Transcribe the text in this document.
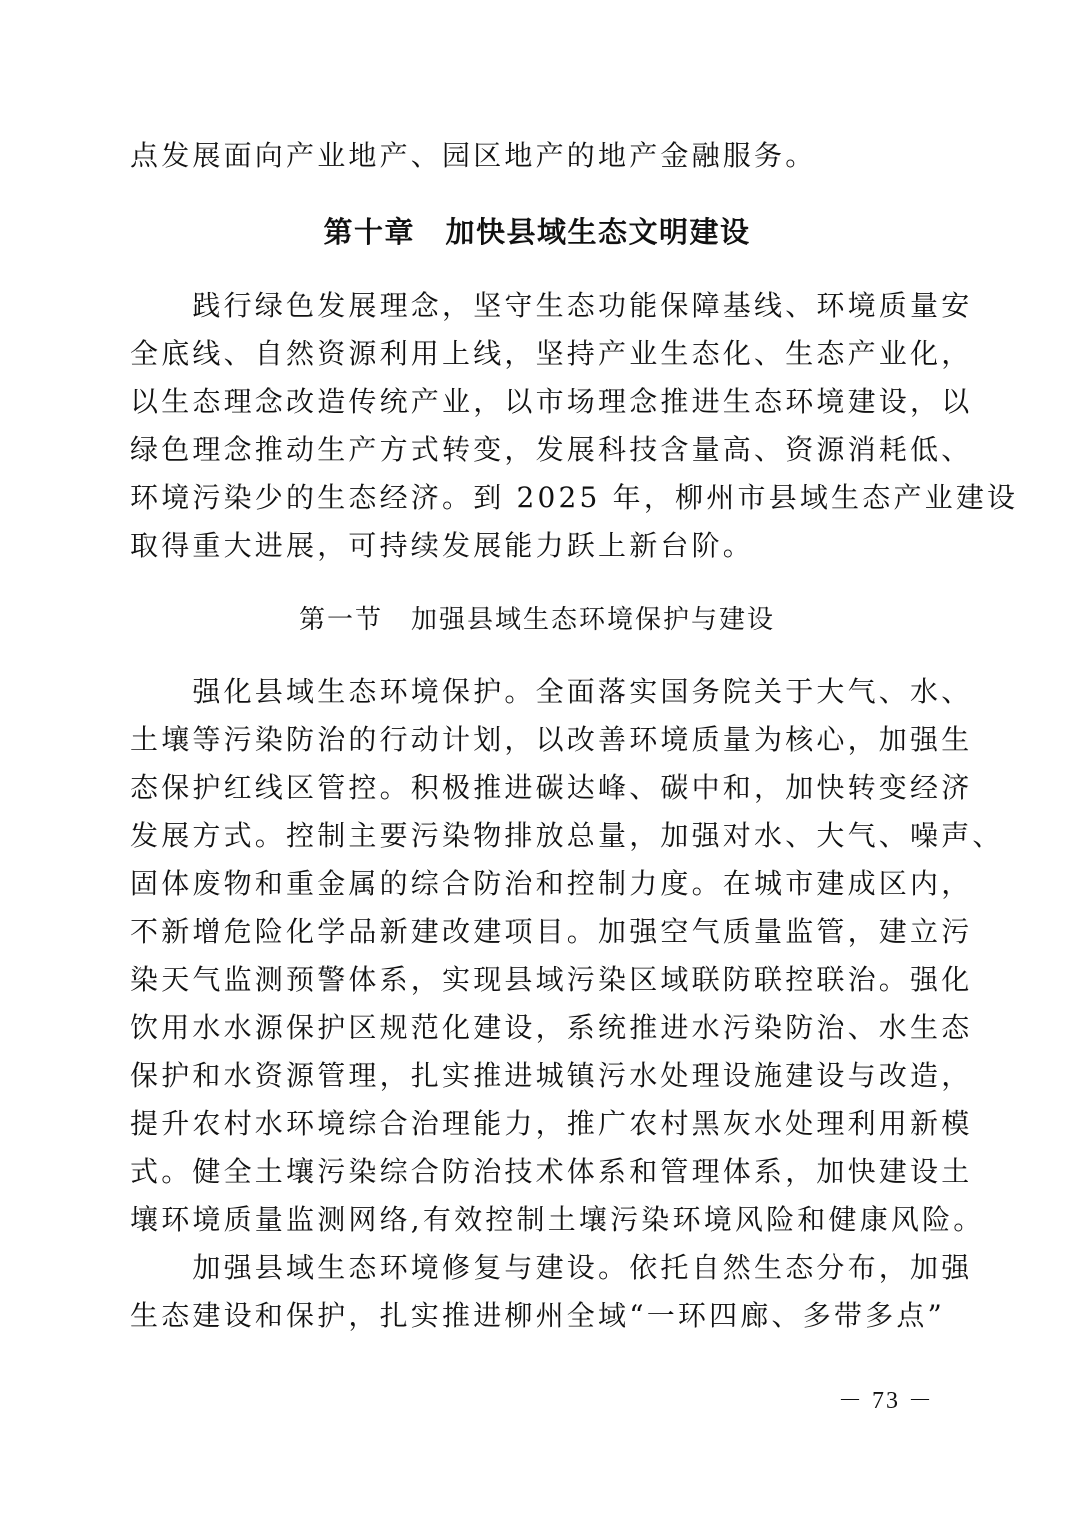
点发展面向产业地产、园区地产的地产金融服务。
第十章　加快县域生态文明建设
　　践行绿色发展理念，坚守生态功能保障基线、环境质量安
全底线、自然资源利用上线，坚持产业生态化、生态产业化，
以生态理念改造传统产业，以市场理念推进生态环境建设，以
绿色理念推动生产方式转变，发展科技含量高、资源消耗低、
环境污染少的生态经济。到 2025 年，柳州市县域生态产业建设
取得重大进展，可持续发展能力跃上新台阶。
第一节　加强县域生态环境保护与建设
　　强化县域生态环境保护。全面落实国务院关于大气、水、
土壤等污染防治的行动计划，以改善环境质量为核心，加强生
态保护红线区管控。积极推进碳达峰、碳中和，加快转变经济
发展方式。控制主要污染物排放总量，加强对水、大气、噪声、
固体废物和重金属的综合防治和控制力度。在城市建成区内，
不新增危险化学品新建改建项目。加强空气质量监管，建立污
染天气监测预警体系，实现县域污染区域联防联控联治。强化
饮用水水源保护区规范化建设，系统推进水污染防治、水生态
保护和水资源管理，扎实推进城镇污水处理设施建设与改造，
提升农村水环境综合治理能力，推广农村黑灰水处理利用新模
式。健全土壤污染综合防治技术体系和管理体系，加快建设土
壤环境质量监测网络,有效控制土壤污染环境风险和健康风险。
　　加强县域生态环境修复与建设。依托自然生态分布，加强
生态建设和保护，扎实推进柳州全域“一环四廊、多带多点”
－ 73 －
